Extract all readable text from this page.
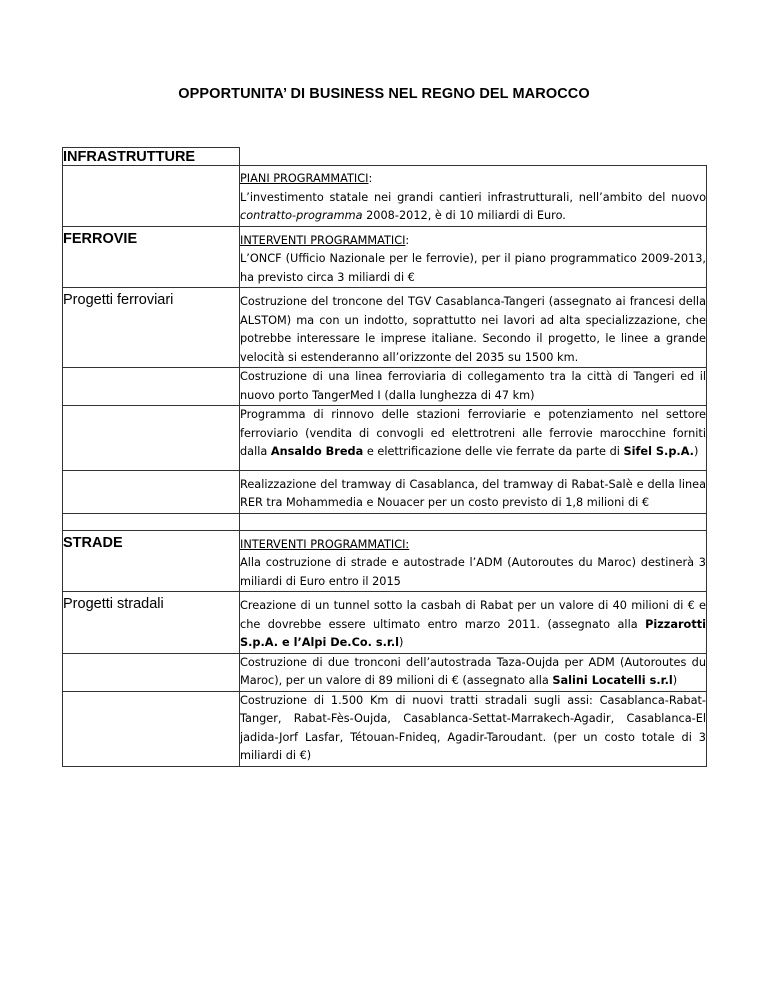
OPPORTUNITA’ DI BUSINESS NEL REGNO DEL MAROCCO
INFRASTRUTTURE	

	PIANI PROGRAMMATICI:
L’investimento statale nei grandi cantieri infrastrutturali, nell’ambito del nuovo contratto-programma 2008-2012, è di 10 miliardi di Euro.

FERROVIE	INTERVENTI PROGRAMMATICI:
L’ONCF (Ufficio Nazionale per le ferrovie), per il piano programmatico 2009-2013, ha previsto circa 3 miliardi di €

Progetti ferroviari	Costruzione del troncone del TGV Casablanca-Tangeri (assegnato ai francesi della ALSTOM) ma con un indotto, soprattutto nei lavori ad alta specializzazione, che potrebbe interessare le imprese italiane. Secondo il progetto, le linee a grande velocità si estenderanno all’orizzonte del 2035 su 1500 km.
	Costruzione di una linea ferroviaria di collegamento tra la città di Tangeri ed il nuovo porto TangerMed I (dalla lunghezza di 47 km)
	Programma di rinnovo delle stazioni ferroviarie e potenziamento nel settore ferroviario (vendita di convogli ed elettrotreni alle ferrovie marocchine forniti dalla Ansaldo Breda e elettrificazione delle vie ferrate da parte di Sifel S.p.A.)
	Realizzazione del tramway di Casablanca, del tramway di Rabat-Salè e della linea RER tra Mohammedia e Nouacer per un costo previsto di 1,8 milioni di €

STRADE	INTERVENTI PROGRAMMATICI:
Alla costruzione di strade e autostrade l’ADM (Autoroutes du Maroc) destinerà 3 miliardi di Euro entro il 2015

Progetti stradali	Creazione di un tunnel sotto la casbah di Rabat per un valore di 40 milioni di € e che dovrebbe essere ultimato entro marzo 2011. (assegnato alla Pizzarotti S.p.A. e l’Alpi De.Co. s.r.l)
	Costruzione di due tronconi dell’autostrada Taza-Oujda per ADM (Autoroutes du Maroc), per un valore di 89 milioni di € (assegnato alla Salini Locatelli s.r.l)
	Costruzione di 1.500 Km di nuovi tratti stradali sugli assi: Casablanca-Rabat-Tanger, Rabat-Fès-Oujda, Casablanca-Settat-Marrakech-Agadir, Casablanca-El jadida-Jorf Lasfar, Tétouan-Fnideq, Agadir-Taroudant. (per un costo totale di 3 miliardi di €)
